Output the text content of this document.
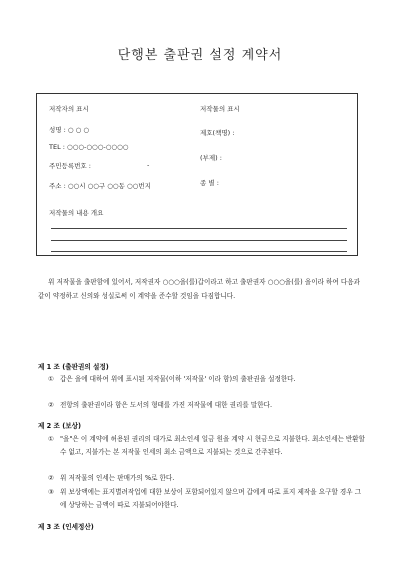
단행본 출판권 설정 계약서
저작자의 표시
성명 : ○ ○ ○
TEL : ○○○-○○○-○○○○
주민등록번호 :	-
주소 : ○○시 ○○구 ○○동 ○○번지
저작물의 표시
제호(책명) :
(부제) :
종 별 :
저작물의 내용 개요
위 저작물을 출판함에 있어서, 저작권자 ○○○을(를)갑이라고 하고 출판권자 ○○○을(를) 을이라 하여 다음과 같이 약정하고 신의와 성실로써 이 계약을 준수할 것임을 다짐합니다.
제 1 조 (출판권의 설정)
① 갑은 을에 대하여 위에 표시된 저작물(이하 '저작물' 이라 함)의 출판권을 설정한다.
② 전항의 출판권이라 함은 도서의 형태를 가진 저작물에 대한 권리를 말한다.
제 2 조 (보상)
① "을"은 이 계약에 허용된 권리의 대가로 최소인세 일금 원을 계약 시 현금으로 지불한다. 최소인세는 반환할 수 없고, 지불가는 본 저작물 인세의 최소 금액으로 지불되는 것으로 간주된다.
② 위 저작물의 인세는 판매가의 %로 한다.
③ 위 보상액에는 표지별려작업에 대한 보상이 포함되어있지 않으며 갑에게 따로 표지 제작을 요구할 경우 그에 상당하는 금액이 따로 지불되어야한다.
제 3 조 (인세정산)
